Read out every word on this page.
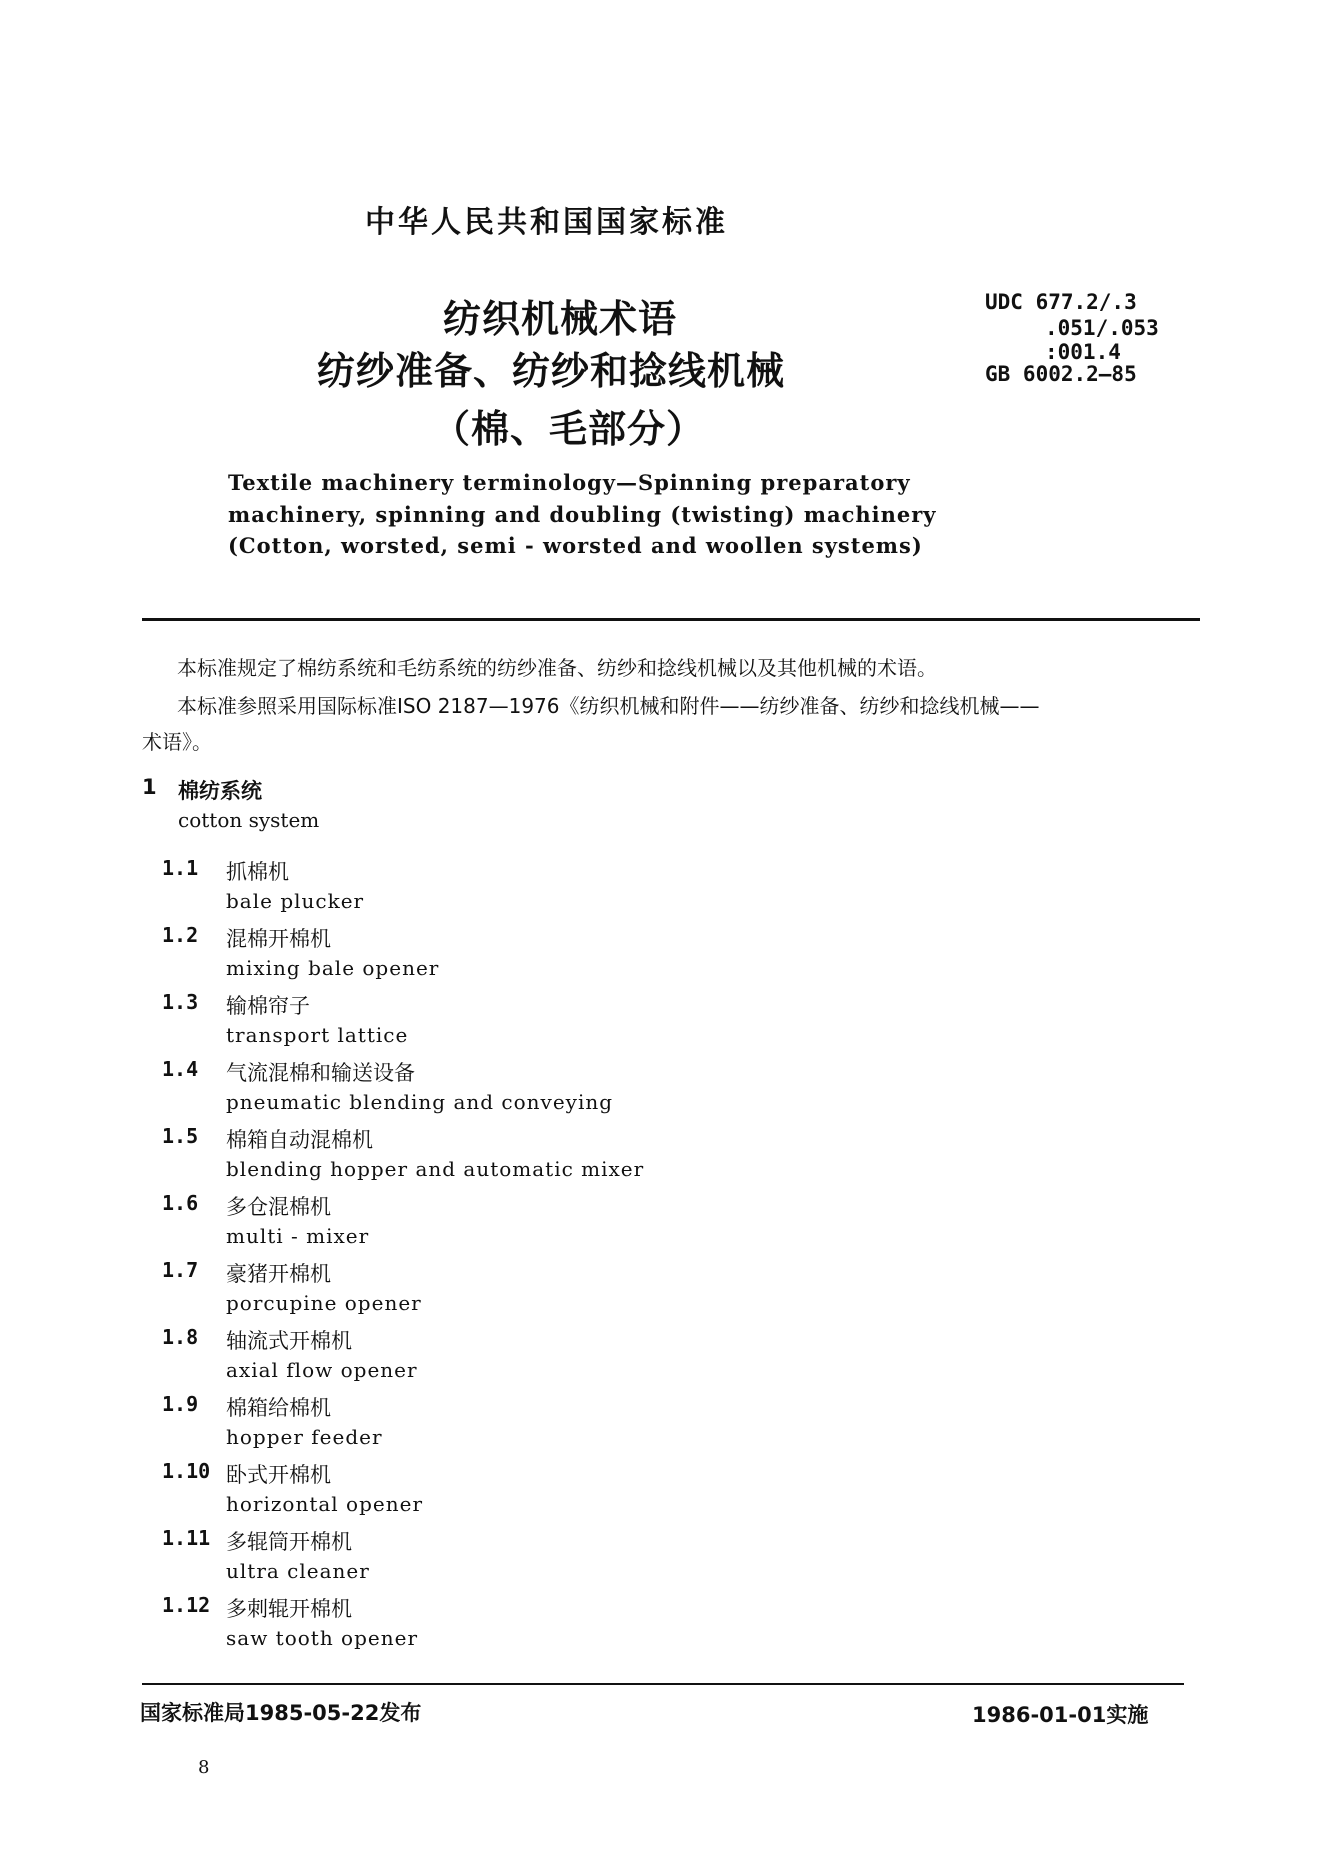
中华人民共和国国家标准
纺织机械术语
纺纱准备、纺纱和捻线机械
（棉、毛部分）
UDC 677.2/.3
.051/.053
:001.4
GB 6002.2—85
Textile machinery terminology—Spinning preparatory
machinery, spinning and doubling (twisting) machinery
(Cotton, worsted, semi - worsted and woollen systems)
本标准规定了棉纺系统和毛纺系统的纺纱准备、纺纱和捻线机械以及其他机械的术语。
本标准参照采用国际标准ISO 2187—1976《纺织机械和附件——纺纱准备、纺纱和捻线机械——
术语》。
1 棉纺系统
cotton system
1.1 抓棉机
bale plucker
1.2 混棉开棉机
mixing bale opener
1.3 输棉帘子
transport lattice
1.4 气流混棉和输送设备
pneumatic blending and conveying
1.5 棉箱自动混棉机
blending hopper and automatic mixer
1.6 多仓混棉机
multi - mixer
1.7 豪猪开棉机
porcupine opener
1.8 轴流式开棉机
axial flow opener
1.9 棉箱给棉机
hopper feeder
1.10 卧式开棉机
horizontal opener
1.11 多辊筒开棉机
ultra cleaner
1.12 多刺辊开棉机
saw tooth opener
国家标准局1985-05-22发布	1986-01-01实施
8
